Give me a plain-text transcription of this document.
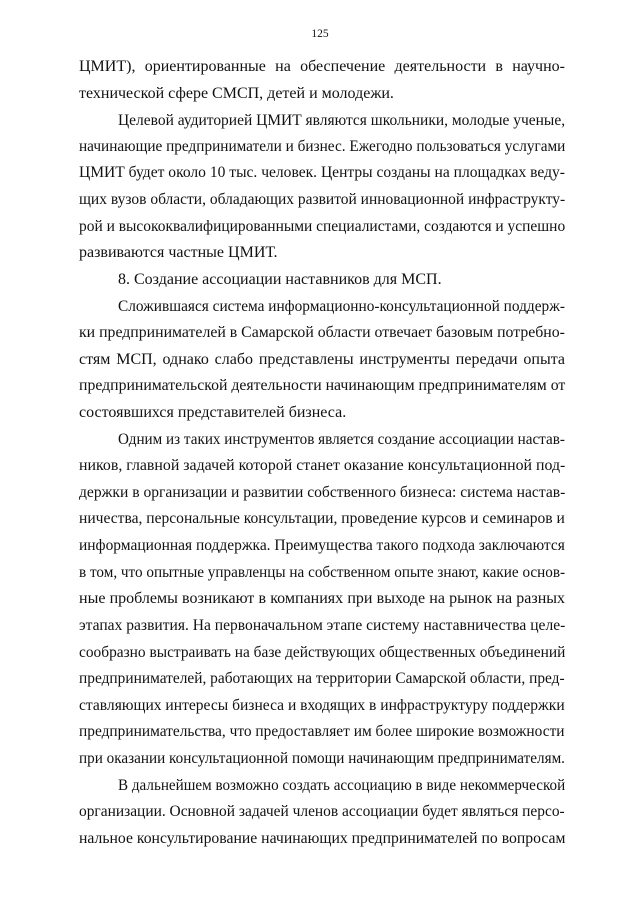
125
ЦМИТ), ориентированные на обеспечение деятельности в научно-
технической сфере СМСП, детей и молодежи.
Целевой аудиторией ЦМИТ являются школьники, молодые ученые,
начинающие предприниматели и бизнес. Ежегодно пользоваться услугами
ЦМИТ будет около 10 тыс. человек. Центры созданы на площадках веду-
щих вузов области, обладающих развитой инновационной инфраструкту-
рой и высококвалифицированными специалистами, создаются и успешно
развиваются частные ЦМИТ.
8. Создание ассоциации наставников для МСП.
Сложившаяся система информационно-консультационной поддерж-
ки предпринимателей в Самарской области отвечает базовым потребно-
стям МСП, однако слабо представлены инструменты передачи опыта
предпринимательской деятельности начинающим предпринимателям от
состоявшихся представителей бизнеса.
Одним из таких инструментов является создание ассоциации настав-
ников, главной задачей которой станет оказание консультационной под-
держки в организации и развитии собственного бизнеса: система настав-
ничества, персональные консультации, проведение курсов и семинаров и
информационная поддержка. Преимущества такого подхода заключаются
в том, что опытные управленцы на собственном опыте знают, какие основ-
ные проблемы возникают в компаниях при выходе на рынок на разных
этапах развития. На первоначальном этапе систему наставничества целе-
сообразно выстраивать на базе действующих общественных объединений
предпринимателей, работающих на территории Самарской области, пред-
ставляющих интересы бизнеса и входящих в инфраструктуру поддержки
предпринимательства, что предоставляет им более широкие возможности
при оказании консультационной помощи начинающим предпринимателям.
В дальнейшем возможно создать ассоциацию в виде некоммерческой
организации. Основной задачей членов ассоциации будет являться персо-
нальное консультирование начинающих предпринимателей по вопросам
